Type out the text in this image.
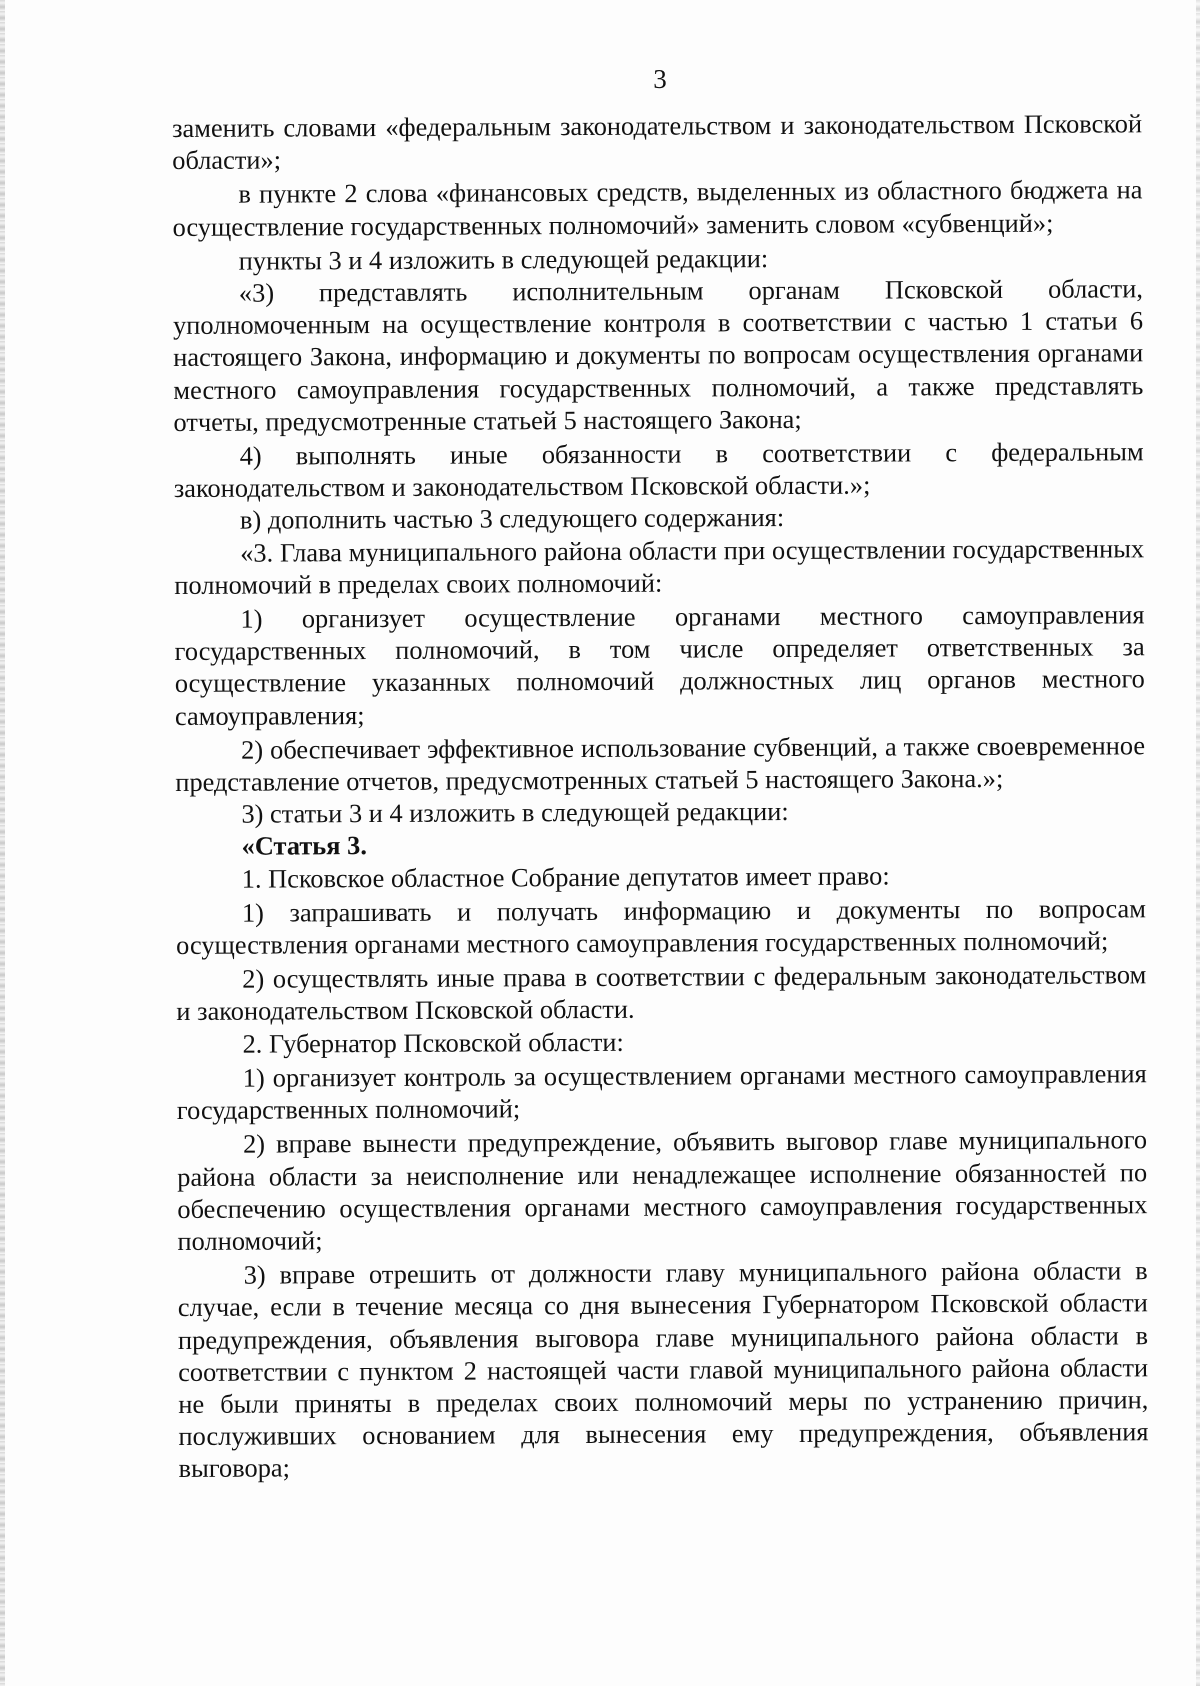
3

заменить словами «федеральным законодательством и законодательством Псковской области»;

в пункте 2 слова «финансовых средств, выделенных из областного бюджета на осуществление государственных полномочий» заменить словом «субвенций»;

пункты 3 и 4 изложить в следующей редакции:

«3) представлять исполнительным органам Псковской области, уполномоченным на осуществление контроля в соответствии с частью 1 статьи 6 настоящего Закона, информацию и документы по вопросам осуществления органами местного самоуправления государственных полномочий, а также представлять отчеты, предусмотренные статьей 5 настоящего Закона;

4) выполнять иные обязанности в соответствии с федеральным законодательством и законодательством Псковской области.»;

в) дополнить частью 3 следующего содержания:

«3. Глава муниципального района области при осуществлении государственных полномочий в пределах своих полномочий:

1) организует осуществление органами местного самоуправления государственных полномочий, в том числе определяет ответственных за осуществление указанных полномочий должностных лиц органов местного самоуправления;

2) обеспечивает эффективное использование субвенций, а также своевременное представление отчетов, предусмотренных статьей 5 настоящего Закона.»;

3) статьи 3 и 4 изложить в следующей редакции:

«Статья 3.

1. Псковское областное Собрание депутатов имеет право:

1) запрашивать и получать информацию и документы по вопросам осуществления органами местного самоуправления государственных полномочий;

2) осуществлять иные права в соответствии с федеральным законодательством и законодательством Псковской области.

2. Губернатор Псковской области:

1) организует контроль за осуществлением органами местного самоуправления государственных полномочий;

2) вправе вынести предупреждение, объявить выговор главе муниципального района области за неисполнение или ненадлежащее исполнение обязанностей по обеспечению осуществления органами местного самоуправления государственных полномочий;

3) вправе отрешить от должности главу муниципального района области в случае, если в течение месяца со дня вынесения Губернатором Псковской области предупреждения, объявления выговора главе муниципального района области в соответствии с пунктом 2 настоящей части главой муниципального района области не были приняты в пределах своих полномочий меры по устранению причин, послуживших основанием для вынесения ему предупреждения, объявления выговора;
